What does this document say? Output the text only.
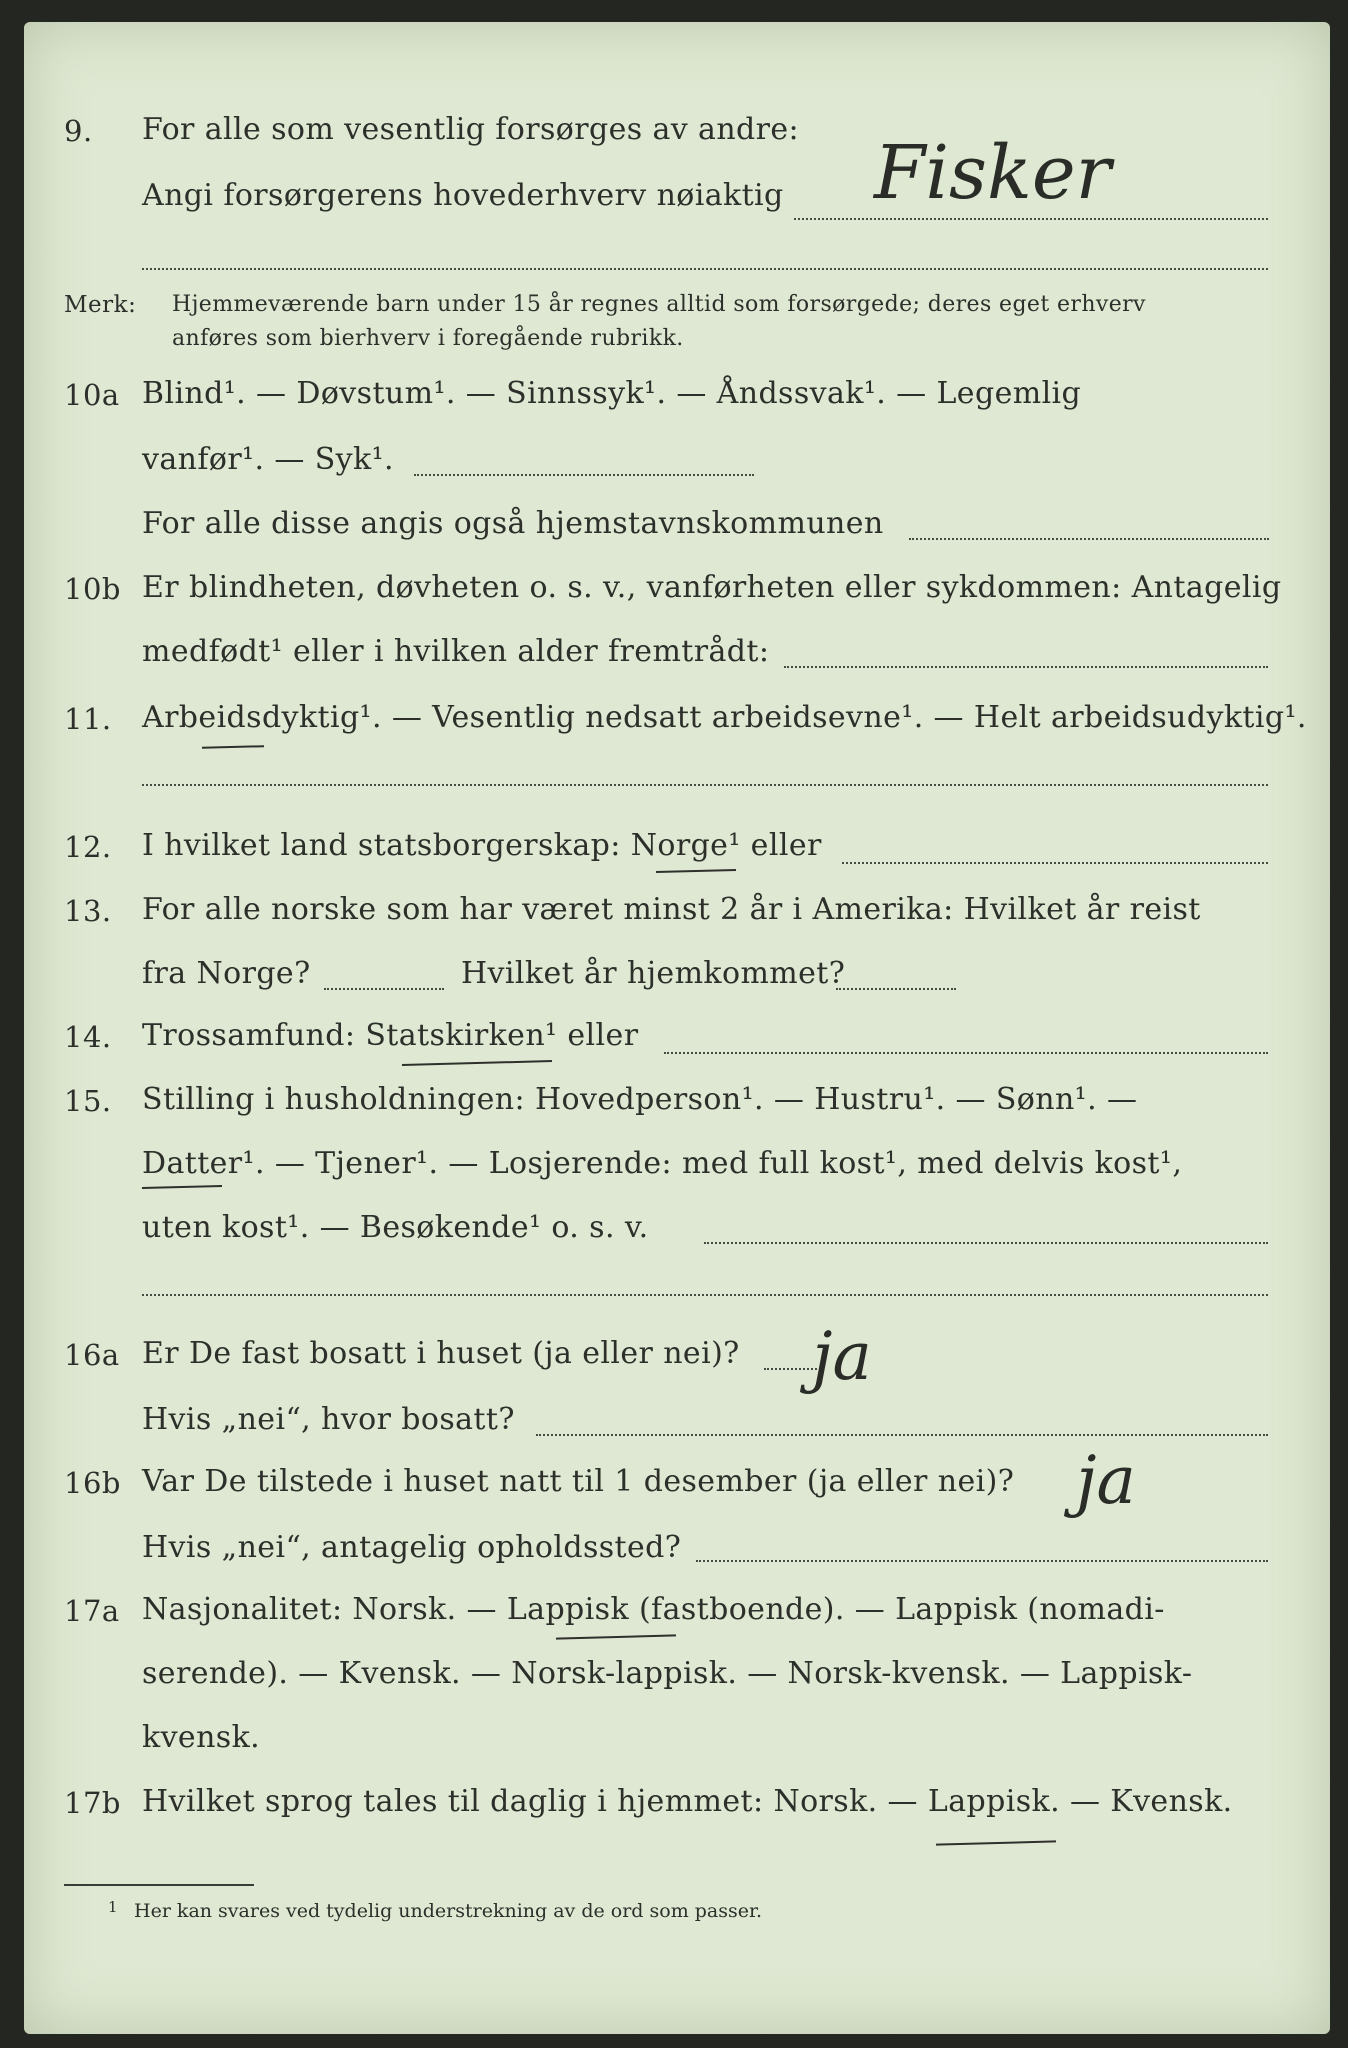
9. For alle som vesentlig forsørges av andre:
Angi forsørgerens hovederhverv nøiaktig Fisker
Merk: Hjemmeværende barn under 15 år regnes alltid som forsørgede; deres eget erhverv
anføres som bierhverv i foregående rubrikk.
10a Blind¹. — Døvstum¹. — Sinnssyk¹. — Åndssvak¹. — Legemlig
vanfør¹. — Syk¹.
For alle disse angis også hjemstavnskommunen
10b Er blindheten, døvheten o. s. v., vanførheten eller sykdommen: Antagelig
medfødt¹ eller i hvilken alder fremtrådt:
11. Arbeidsdyktig¹. — Vesentlig nedsatt arbeidsevne¹. — Helt arbeidsudyktig¹.
12. I hvilket land statsborgerskap: Norge¹ eller
13. For alle norske som har været minst 2 år i Amerika: Hvilket år reist
fra Norge?	Hvilket år hjemkommet?
14. Trossamfund: Statskirken¹ eller
15. Stilling i husholdningen: Hovedperson¹. — Hustru¹. — Sønn¹. —
Datter¹. — Tjener¹. — Losjerende: med full kost¹, med delvis kost¹,
uten kost¹. — Besøkende¹ o. s. v.
16a Er De fast bosatt i huset (ja eller nei)? ja
Hvis „nei“, hvor bosatt?
16b Var De tilstede i huset natt til 1 desember (ja eller nei)? ja
Hvis „nei“, antagelig opholdssted?
17a Nasjonalitet: Norsk. — Lappisk (fastboende). — Lappisk (nomadi-
serende). — Kvensk. — Norsk-lappisk. — Norsk-kvensk. — Lappisk-
kvensk.
17b Hvilket sprog tales til daglig i hjemmet: Norsk. — Lappisk. — Kvensk.
1 Her kan svares ved tydelig understrekning av de ord som passer.
